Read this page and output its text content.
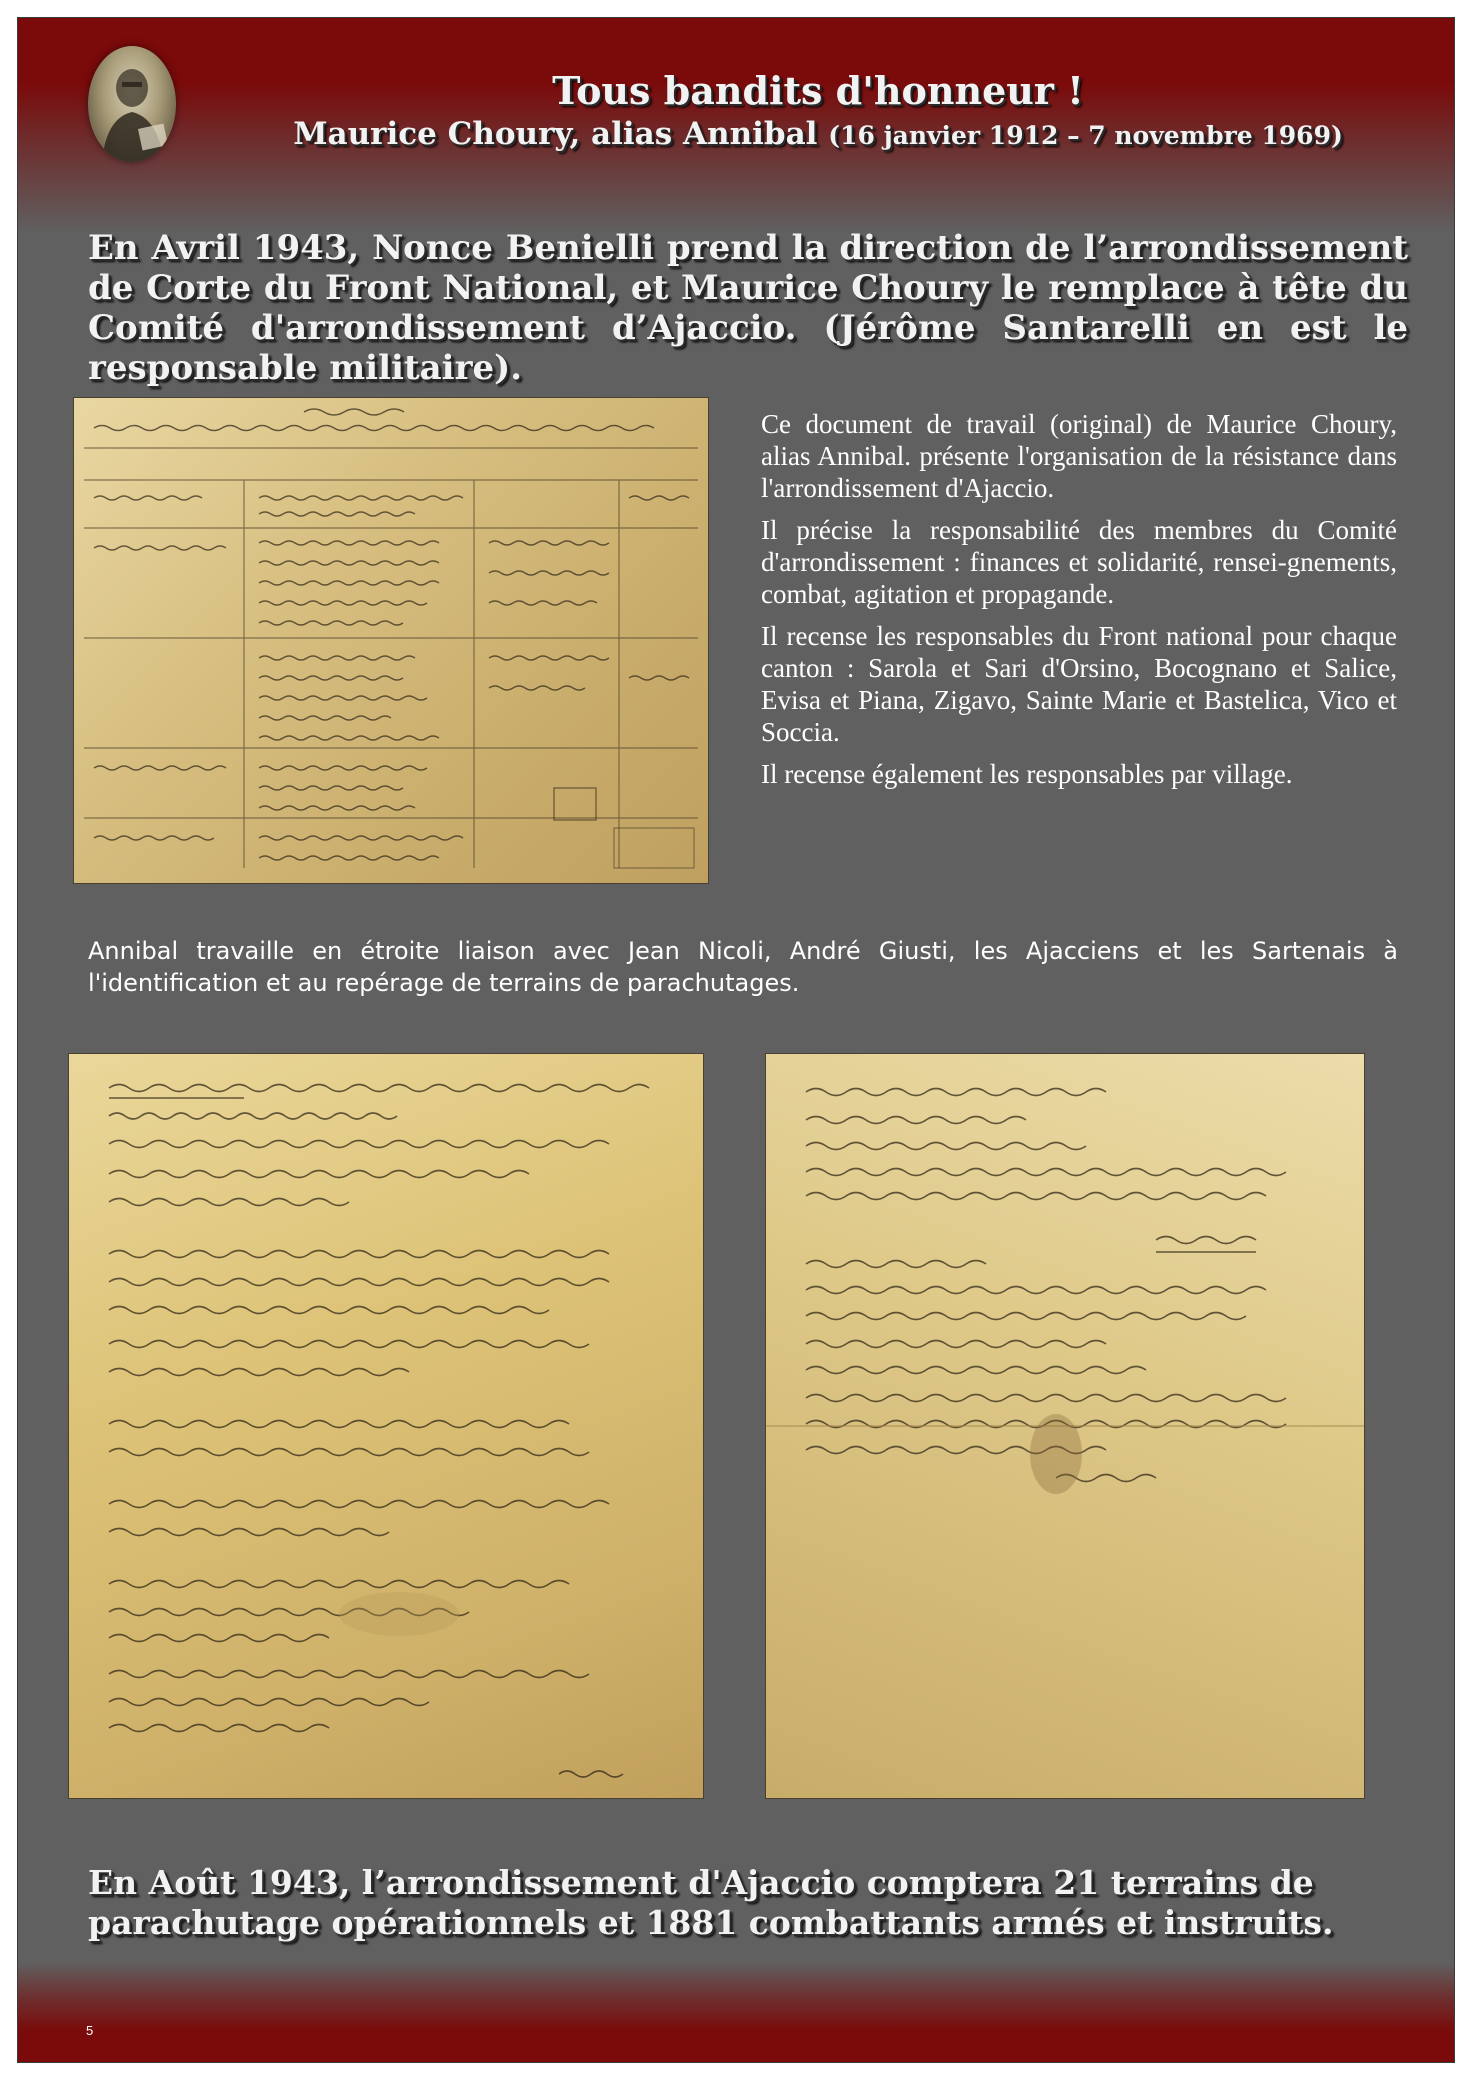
Tous bandits d'honneur !

Maurice Choury, alias Annibal (16 janvier 1912 – 7 novembre 1969)

En Avril 1943, Nonce Benielli prend la direction de l’arrondissement de Corte du Front National, et Maurice Choury le remplace à tête du Comité d'arrondissement d’Ajaccio. (Jérôme Santarelli en est le responsable militaire).

Ce document de travail (original) de Maurice Choury, alias Annibal. présente l'organisation de la résistance dans l'arrondissement d'Ajaccio.

Il précise la responsabilité des membres du Comité d'arrondissement : finances et solidarité, rensei-gnements, combat, agitation et propagande.

Il recense les responsables du Front national pour chaque canton : Sarola et Sari d'Orsino, Bocognano et Salice, Evisa et Piana, Zigavo, Sainte Marie et Bastelica, Vico et Soccia.

Il recense également les responsables par village.

Annibal travaille en étroite liaison avec Jean Nicoli, André Giusti, les Ajacciens et les Sartenais à l'identification et au repérage de terrains de parachutages.
En Août 1943, l’arrondissement d'Ajaccio comptera 21 terrains de parachutage opérationnels et 1881 combattants armés et instruits.
5
